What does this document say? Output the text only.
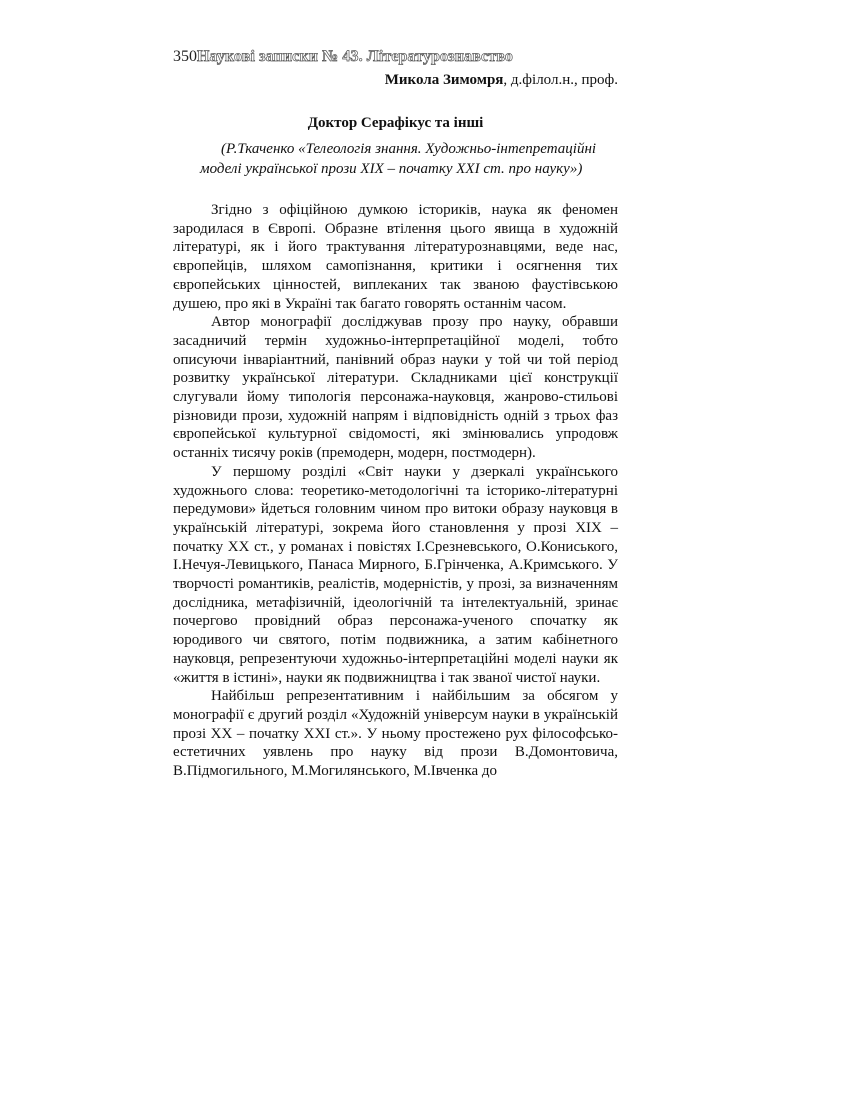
350Наукові записки № 43. Літературознавство
Микола Зимомря, д.філол.н., проф.
Доктор Серафікус та інші
(Р.Ткаченко «Телеологія знання. Художньо-інтепретаційні
моделі української прози ХІХ – початку ХХІ ст. про науку»)

Згідно з офіційною думкою істориків, наука як феномен зародилася в Європі. Образне втілення цього явища в художній літературі, як і його трактування літературознавцями, веде нас, європейців, шляхом самопізнання, критики і осягнення тих європейських цінностей, виплеканих так званою фаустівською душею, про які в Україні так багато говорять останнім часом.

Автор монографії досліджував прозу про науку, обравши засадничий термін художньо-інтерпретаційної моделі, тобто описуючи інваріантний, панівний образ науки у той чи той період розвитку української літератури. Складниками цієї конструкції слугували йому типологія персонажа-науковця, жанрово-стильові різновиди прози, художній напрям і відповідність одній з трьох фаз європейської культурної свідомості, які змінювались упродовж останніх тисячу років (премодерн, модерн, постмодерн).

У першому розділі «Світ науки у дзеркалі українського художнього слова: теоретико-методологічні та історико-літературні передумови» йдеться головним чином про витоки образу науковця в українській літературі, зокрема його становлення у прозі ХІХ – початку ХХ ст., у романах і повістях І.Срезневського, О.Кониського, І.Нечуя-Левицького, Панаса Мирного, Б.Грінченка, А.Кримського. У творчості романтиків, реалістів, модерністів, у прозі, за визначенням дослідника, метафізичній, ідеологічній та інтелектуальній, зринає почергово провідний образ персонажа-ученого спочатку як юродивого чи святого, потім подвижника, а затим кабінетного науковця, репрезентуючи художньо-інтерпретаційні моделі науки як «життя в істині», науки як подвижництва і так званої чистої науки.

Найбільш репрезентативним і найбільшим за обсягом у монографії є другий розділ «Художній універсум науки в українській прозі ХХ – початку ХХІ ст.». У ньому простежено рух філософсько-естетичних уявлень про науку від прози В.Домонтовича, В.Підмогильного, М.Могилянського, М.Івченка до
